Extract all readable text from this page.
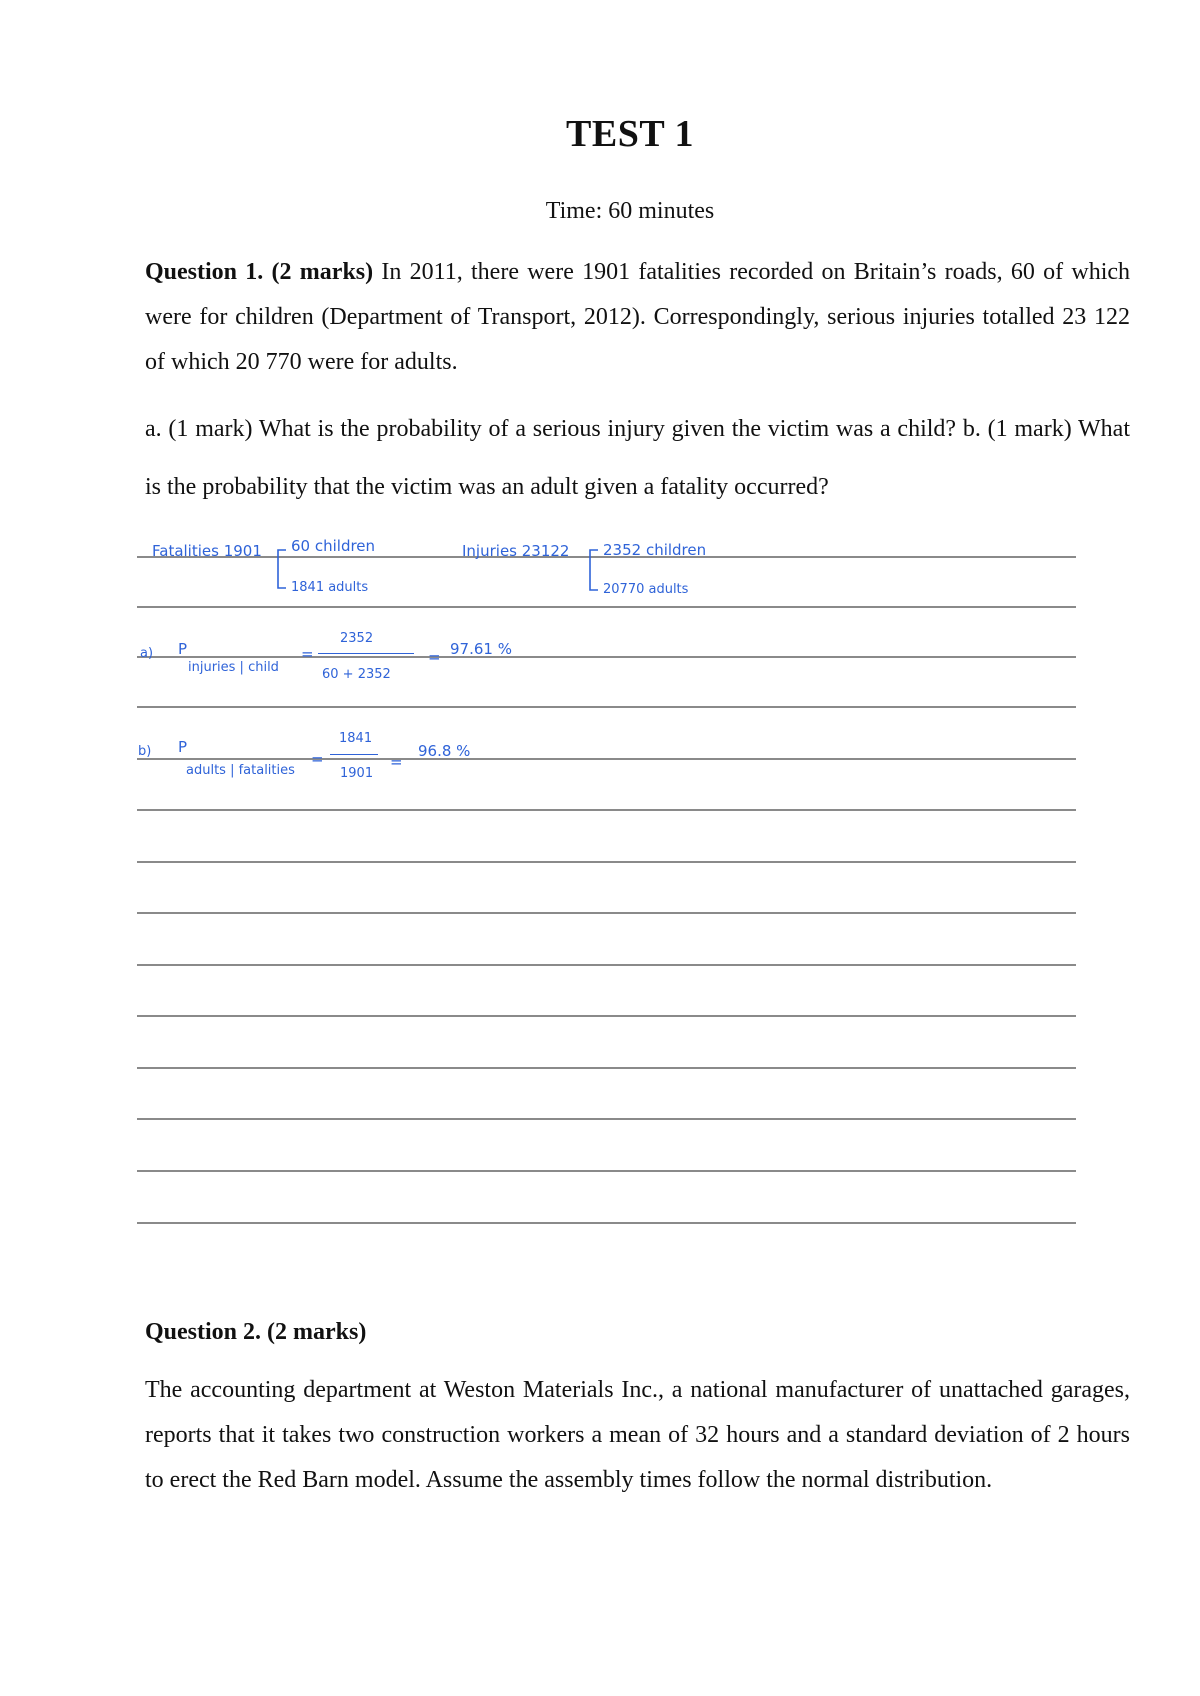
TEST 1
Time: 60 minutes
Question 1. (2 marks) In 2011, there were 1901 fatalities recorded on Britain’s roads, 60 of which were for children (Department of Transport, 2012). Correspondingly, serious injuries totalled 23 122 of which 20 770 were for adults.
a. (1 mark) What is the probability of a serious injury given the victim was a child? b. (1 mark) What is the probability that the victim was an adult given a fatality occurred?
Fatalities 1901 60 children
1841 adults
Injuries 23122 2352 children
20770 adults
a) P
injuries | child
=
2352
60 + 2352
= 97.61 %
b) P
adults | fatalities
=
1841
1901
=
96.8 %
Question 2. (2 marks)
The accounting department at Weston Materials Inc., a national manufacturer of unattached garages, reports that it takes two construction workers a mean of 32 hours and a standard deviation of 2 hours to erect the Red Barn model. Assume the assembly times follow the normal distribution.
